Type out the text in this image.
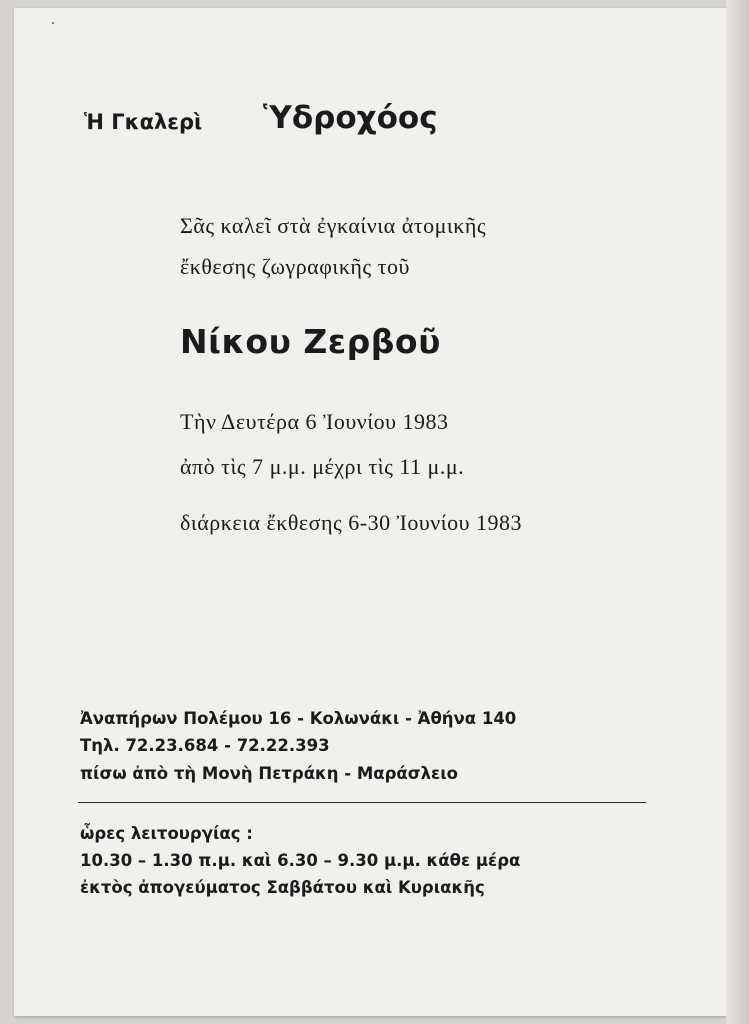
Ἡ Γκαλερὶ Ὑδροχόος
Σᾶς καλεῖ στὰ ἐγκαίνια ἀτομικῆς
ἔκθεσης ζωγραφικῆς τοῦ
Νίκου Ζερβοῦ
Τὴν Δευτέρα 6 Ἰουνίου 1983
ἀπὸ τὶς 7 μ.μ. μέχρι τὶς 11 μ.μ.
διάρκεια ἔκθεσης 6-30 Ἰουνίου 1983
Ἀναπήρων Πολέμου 16 - Κολωνάκι - Ἀθήνα 140
Τηλ. 72.23.684 - 72.22.393
πίσω ἀπὸ τὴ Μονὴ Πετράκη - Μαράσλειο
ὧρες λειτουργίας :
10.30 – 1.30 π.μ. καὶ 6.30 – 9.30 μ.μ. κάθε μέρα
ἐκτὸς ἀπογεύματος Σαββάτου καὶ Κυριακῆς
